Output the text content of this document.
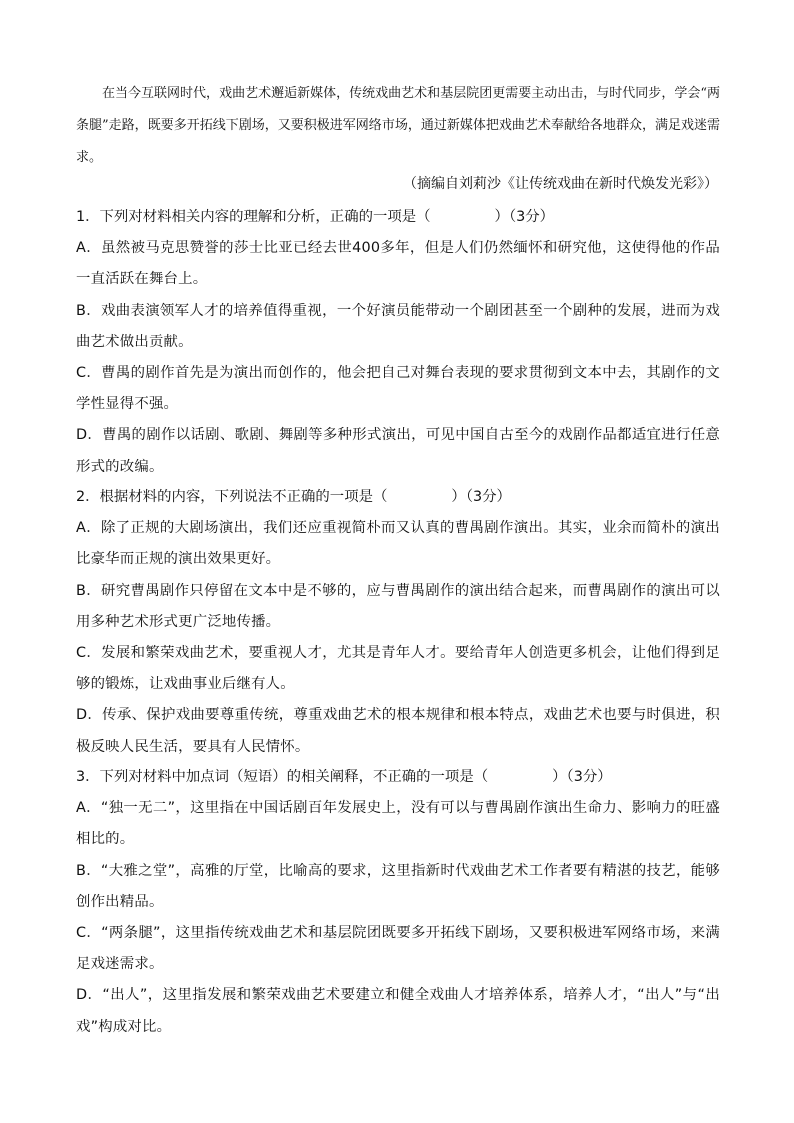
在当今互联网时代，戏曲艺术邂逅新媒体，传统戏曲艺术和基层院团更需要主动出击，与时代同步，学会“两条腿”走路，既要多开拓线下剧场，又要积极进军网络市场，通过新媒体把戏曲艺术奉献给各地群众，满足戏迷需求。

（摘编自刘莉沙《让传统戏曲在新时代焕发光彩》）

1．下列对材料相关内容的理解和分析，正确的一项是（	）（3分）

A．虽然被马克思赞誉的莎士比亚已经去世400多年，但是人们仍然缅怀和研究他，这使得他的作品一直活跃在舞台上。

B．戏曲表演领军人才的培养值得重视，一个好演员能带动一个剧团甚至一个剧种的发展，进而为戏曲艺术做出贡献。

C．曹禺的剧作首先是为演出而创作的，他会把自己对舞台表现的要求贯彻到文本中去，其剧作的文学性显得不强。

D．曹禺的剧作以话剧、歌剧、舞剧等多种形式演出，可见中国自古至今的戏剧作品都适宜进行任意形式的改编。

2．根据材料的内容，下列说法不正确的一项是（	）（3分）

A．除了正规的大剧场演出，我们还应重视简朴而又认真的曹禺剧作演出。其实，业余而简朴的演出比豪华而正规的演出效果更好。

B．研究曹禺剧作只停留在文本中是不够的，应与曹禺剧作的演出结合起来，而曹禺剧作的演出可以用多种艺术形式更广泛地传播。

C．发展和繁荣戏曲艺术，要重视人才，尤其是青年人才。要给青年人创造更多机会，让他们得到足够的锻炼，让戏曲事业后继有人。

D．传承、保护戏曲要尊重传统，尊重戏曲艺术的根本规律和根本特点，戏曲艺术也要与时俱进，积极反映人民生活，要具有人民情怀。

3．下列对材料中加点词（短语）的相关阐释，不正确的一项是（	）（3分）

A．“独一无二”，这里指在中国话剧百年发展史上，没有可以与曹禺剧作演出生命力、影响力的旺盛相比的。

B．“大雅之堂”，高雅的厅堂，比喻高的要求，这里指新时代戏曲艺术工作者要有精湛的技艺，能够创作出精品。

C．“两条腿”，这里指传统戏曲艺术和基层院团既要多开拓线下剧场，又要积极进军网络市场，来满足戏迷需求。

D．“出人”，这里指发展和繁荣戏曲艺术要建立和健全戏曲人才培养体系，培养人才，“出人”与“出戏”构成对比。
